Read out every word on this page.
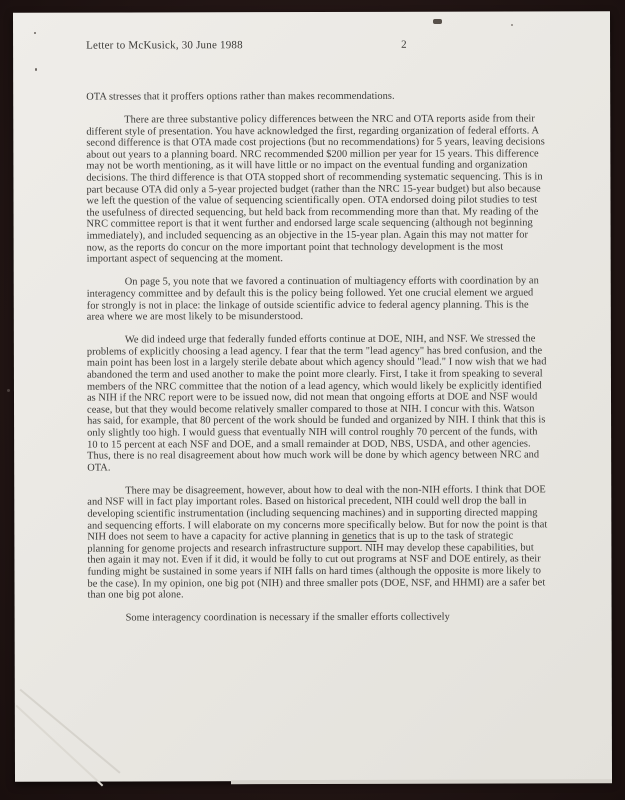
Letter to McKusick, 30 June 1988	2

OTA stresses that it proffers options rather than makes recommendations.

There are three substantive policy differences between the NRC and OTA reports aside from their different style of presentation. You have acknowledged the first, regarding organization of federal efforts. A second difference is that OTA made cost projections (but no recommendations) for 5 years, leaving decisions about out years to a planning board. NRC recommended $200 million per year for 15 years. This difference may not be worth mentioning, as it will have little or no impact on the eventual funding and organization decisions. The third difference is that OTA stopped short of recommending systematic sequencing. This is in part because OTA did only a 5-year projected budget (rather than the NRC 15-year budget) but also because we left the question of the value of sequencing scientifically open. OTA endorsed doing pilot studies to test the usefulness of directed sequencing, but held back from recommending more than that. My reading of the NRC committee report is that it went further and endorsed large scale sequencing (although not beginning immediately), and included sequencing as an objective in the 15-year plan. Again this may not matter for now, as the reports do concur on the more important point that technology development is the most important aspect of sequencing at the moment.

On page 5, you note that we favored a continuation of multiagency efforts with coordination by an interagency committee and by default this is the policy being followed. Yet one crucial element we argued for strongly is not in place: the linkage of outside scientific advice to federal agency planning. This is the area where we are most likely to be misunderstood.

We did indeed urge that federally funded efforts continue at DOE, NIH, and NSF. We stressed the problems of explicitly choosing a lead agency. I fear that the term "lead agency" has bred confusion, and the main point has been lost in a largely sterile debate about which agency should "lead." I now wish that we had abandoned the term and used another to make the point more clearly. First, I take it from speaking to several members of the NRC committee that the notion of a lead agency, which would likely be explicitly identified as NIH if the NRC report were to be issued now, did not mean that ongoing efforts at DOE and NSF would cease, but that they would become relatively smaller compared to those at NIH. I concur with this. Watson has said, for example, that 80 percent of the work should be funded and organized by NIH. I think that this is only slightly too high. I would guess that eventually NIH will control roughly 70 percent of the funds, with 10 to 15 percent at each NSF and DOE, and a small remainder at DOD, NBS, USDA, and other agencies. Thus, there is no real disagreement about how much work will be done by which agency between NRC and OTA.

There may be disagreement, however, about how to deal with the non-NIH efforts. I think that DOE and NSF will in fact play important roles. Based on historical precedent, NIH could well drop the ball in developing scientific instrumentation (including sequencing machines) and in supporting directed mapping and sequencing efforts. I will elaborate on my concerns more specifically below. But for now the point is that NIH does not seem to have a capacity for active planning in genetics that is up to the task of strategic planning for genome projects and research infrastructure support. NIH may develop these capabilities, but then again it may not. Even if it did, it would be folly to cut out programs at NSF and DOE entirely, as their funding might be sustained in some years if NIH falls on hard times (although the opposite is more likely to be the case). In my opinion, one big pot (NIH) and three smaller pots (DOE, NSF, and HHMI) are a safer bet than one big pot alone.

Some interagency coordination is necessary if the smaller efforts collectively
